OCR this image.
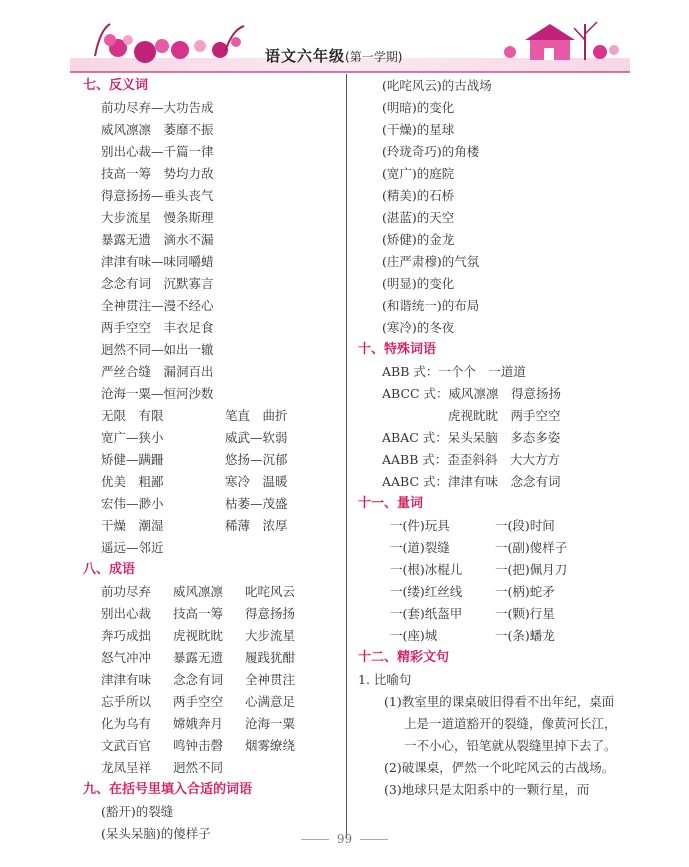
语文六年级(第一学期)
七、反义词
前功尽弃—大功告成
威风凛凛　萎靡不振
别出心裁—千篇一律
技高一筹　势均力敌
得意扬扬—垂头丧气
大步流星　慢条斯理
暴露无遗　滴水不漏
津津有味—味同嚼蜡
念念有词　沉默寡言
全神贯注—漫不经心
两手空空　丰衣足食
迥然不同—如出一辙
严丝合缝　漏洞百出
沧海一粟—恒河沙数
无限　有限	笔直　曲折
宽广—狭小	威武—软弱
矫健—蹒跚	悠扬—沉郁
优美　粗鄙	寒冷　温暖
宏伟—渺小	枯萎—茂盛
干燥　潮湿	稀薄　浓厚
遥远—邻近
八、成语
前功尽弃 威风凛凛 叱咤风云
别出心裁 技高一筹 得意扬扬
奔巧成拙 虎视眈眈 大步流星
怒气冲冲 暴露无遗 履践犹酣
津津有味 念念有词 全神贯注
忘乎所以 两手空空 心满意足
化为乌有 嫦娥奔月 沧海一粟
文武百官 鸣钟击磬 烟雾缭绕
龙凤呈祥 迥然不同
九、在括号里填入合适的词语
(豁开)的裂缝
(呆头呆脑)的傻样子
(叱咤风云)的古战场
(明暗)的变化
(干燥)的星球
(玲珑奇巧)的角楼
(宽广)的庭院
(精美)的石桥
(湛蓝)的天空
(矫健)的金龙
(庄严肃穆)的气氛
(明显)的变化
(和谐统一)的布局
(寒冷)的冬夜
十、特殊词语
ABB 式：一个个　一道道
ABCC 式：威风凛凛　得意扬扬
虎视眈眈　两手空空
ABAC 式：呆头呆脑　多态多姿
AABB 式：歪歪斜斜　大大方方
AABC 式：津津有味　念念有词
十一、量词
一(件)玩具	一(段)时间
一(道)裂缝	一(副)傻样子
一(根)冰棍儿	一(把)佩月刀
一(缕)红丝线	一(柄)蛇矛
一(套)纸盔甲	一(颗)行星
一(座)城	一(条)蟠龙
十二、精彩文句
1. 比喻句
(1)教室里的课桌破旧得看不出年纪，桌面上是一道道豁开的裂缝，像黄河长江，一不小心，铅笔就从裂缝里掉下去了。
(2)破课桌，俨然一个叱咤风云的古战场。
(3)地球只是太阳系中的一颗行星，而
99
